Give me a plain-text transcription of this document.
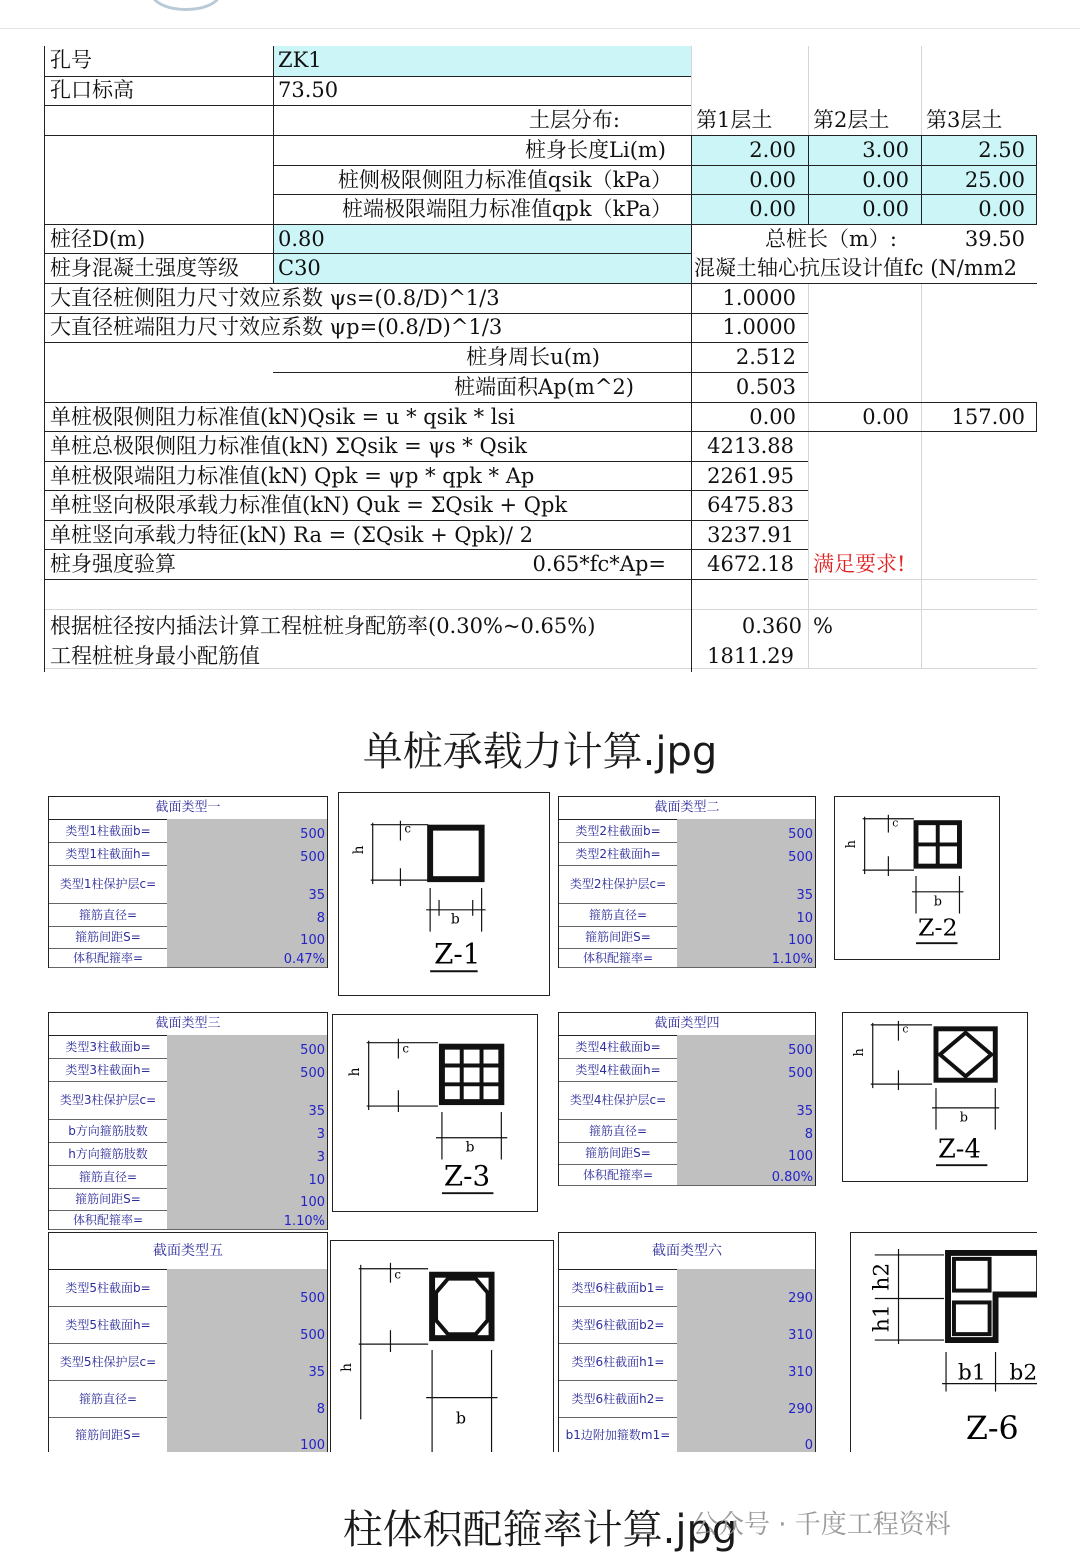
孔号	ZK1
孔口标高	73.50
土层分布:	第1层土	第2层土	第3层土
桩身长度Li(m)	2.00	3.00	2.50
桩侧极限侧阻力标准值qsik（kPa）	0.00	0.00	25.00
桩端极限端阻力标准值qpk（kPa）	0.00	0.00	0.00
桩径D(m)	0.80	总桩长（m）:	39.50
桩身混凝土强度等级	C30	混凝土轴心抗压设计值fc (N/mm2
大直径桩侧阻力尺寸效应系数 ψs=(0.8/D)^1/3	1.0000
大直径桩端阻力尺寸效应系数 ψp=(0.8/D)^1/3	1.0000
桩身周长u(m)	2.512
桩端面积Ap(m^2)	0.503
单桩极限侧阻力标准值(kN)Qsik = u * qsik * lsi	0.00	0.00	157.00
单桩总极限侧阻力标准值(kN) ΣQsik = ψs * Qsik	4213.88
单桩极限端阻力标准值(kN) Qpk = ψp * qpk * Ap	2261.95
单桩竖向极限承载力标准值(kN) Quk = ΣQsik + Qpk	6475.83
单桩竖向承载力特征(kN) Ra = (ΣQsik + Qpk)/ 2	3237.91
桩身强度验算	0.65*fc*Ap=	4672.18 满足要求!
根据桩径按内插法计算工程桩桩身配筋率(0.30%~0.65%)	0.360 %
工程桩桩身最小配筋值	1811.29
单桩承载力计算.jpg
截面类型一
类型1柱截面b=	500
类型1柱截面h=	500
类型1柱保护层c=
35
箍筋直径=	8
箍筋间距S=	100
体积配箍率=	0.47%
截面类型二
类型2柱截面b=	500
类型2柱截面h=	500
类型2柱保护层c=
35
箍筋直径=	10
箍筋间距S=	100
体积配箍率=	1.10%
截面类型三
类型3柱截面b=	500
类型3柱截面h=	500
类型3柱保护层c=
35
b方向箍筋肢数	3
h方向箍筋肢数	3
箍筋直径=	10
箍筋间距S=	100
体积配箍率=	1.10%
截面类型四
类型4柱截面b=	500
类型4柱截面h=	500
类型4柱保护层c=
35
箍筋直径=	8
箍筋间距S=	100
体积配箍率=	0.80%
截面类型五
类型5柱截面b=
500
类型5柱截面h=
500
类型5柱保护层c=
35
箍筋直径=
8
箍筋间距S=
100
截面类型六
类型6柱截面b1=
290
类型6柱截面b2=
310
类型6柱截面h1=
310
类型6柱截面h2=
290
b1边附加箍数m1=
0
h
c
b
Z-1
h
c
b
Z-2
h
c
b
Z-3
h
c
b
Z-4
h
c
b
h2
h1
b1 b2
Z-6
柱体积配箍率计算.jpg
公众号 · 千度工程资料
